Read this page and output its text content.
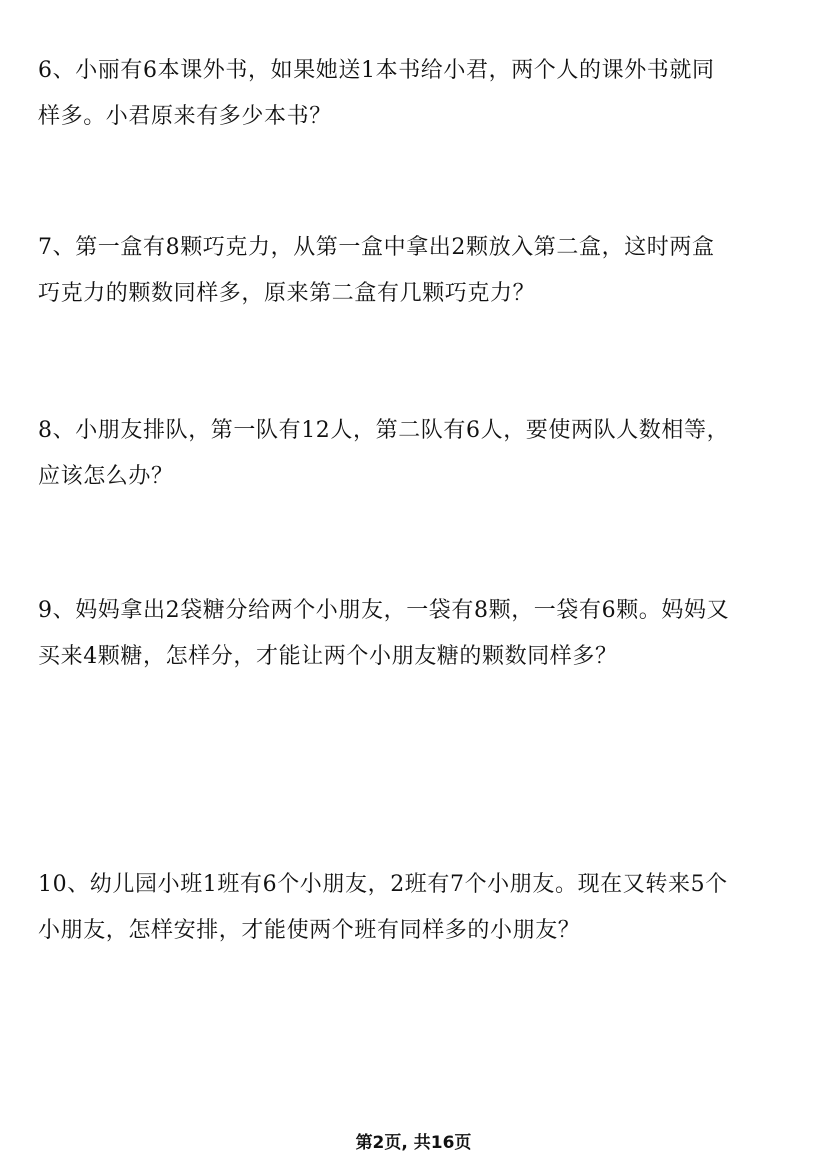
6、小丽有6本课外书，如果她送1本书给小君，两个人的课外书就同
样多。小君原来有多少本书？
7、第一盒有8颗巧克力，从第一盒中拿出2颗放入第二盒，这时两盒
巧克力的颗数同样多，原来第二盒有几颗巧克力？
8、小朋友排队，第一队有12人，第二队有6人，要使两队人数相等，
应该怎么办？
9、妈妈拿出2袋糖分给两个小朋友，一袋有8颗，一袋有6颗。妈妈又
买来4颗糖，怎样分，才能让两个小朋友糖的颗数同样多？
10、幼儿园小班1班有6个小朋友，2班有7个小朋友。现在又转来5个
小朋友，怎样安排，才能使两个班有同样多的小朋友？
第2页, 共16页
